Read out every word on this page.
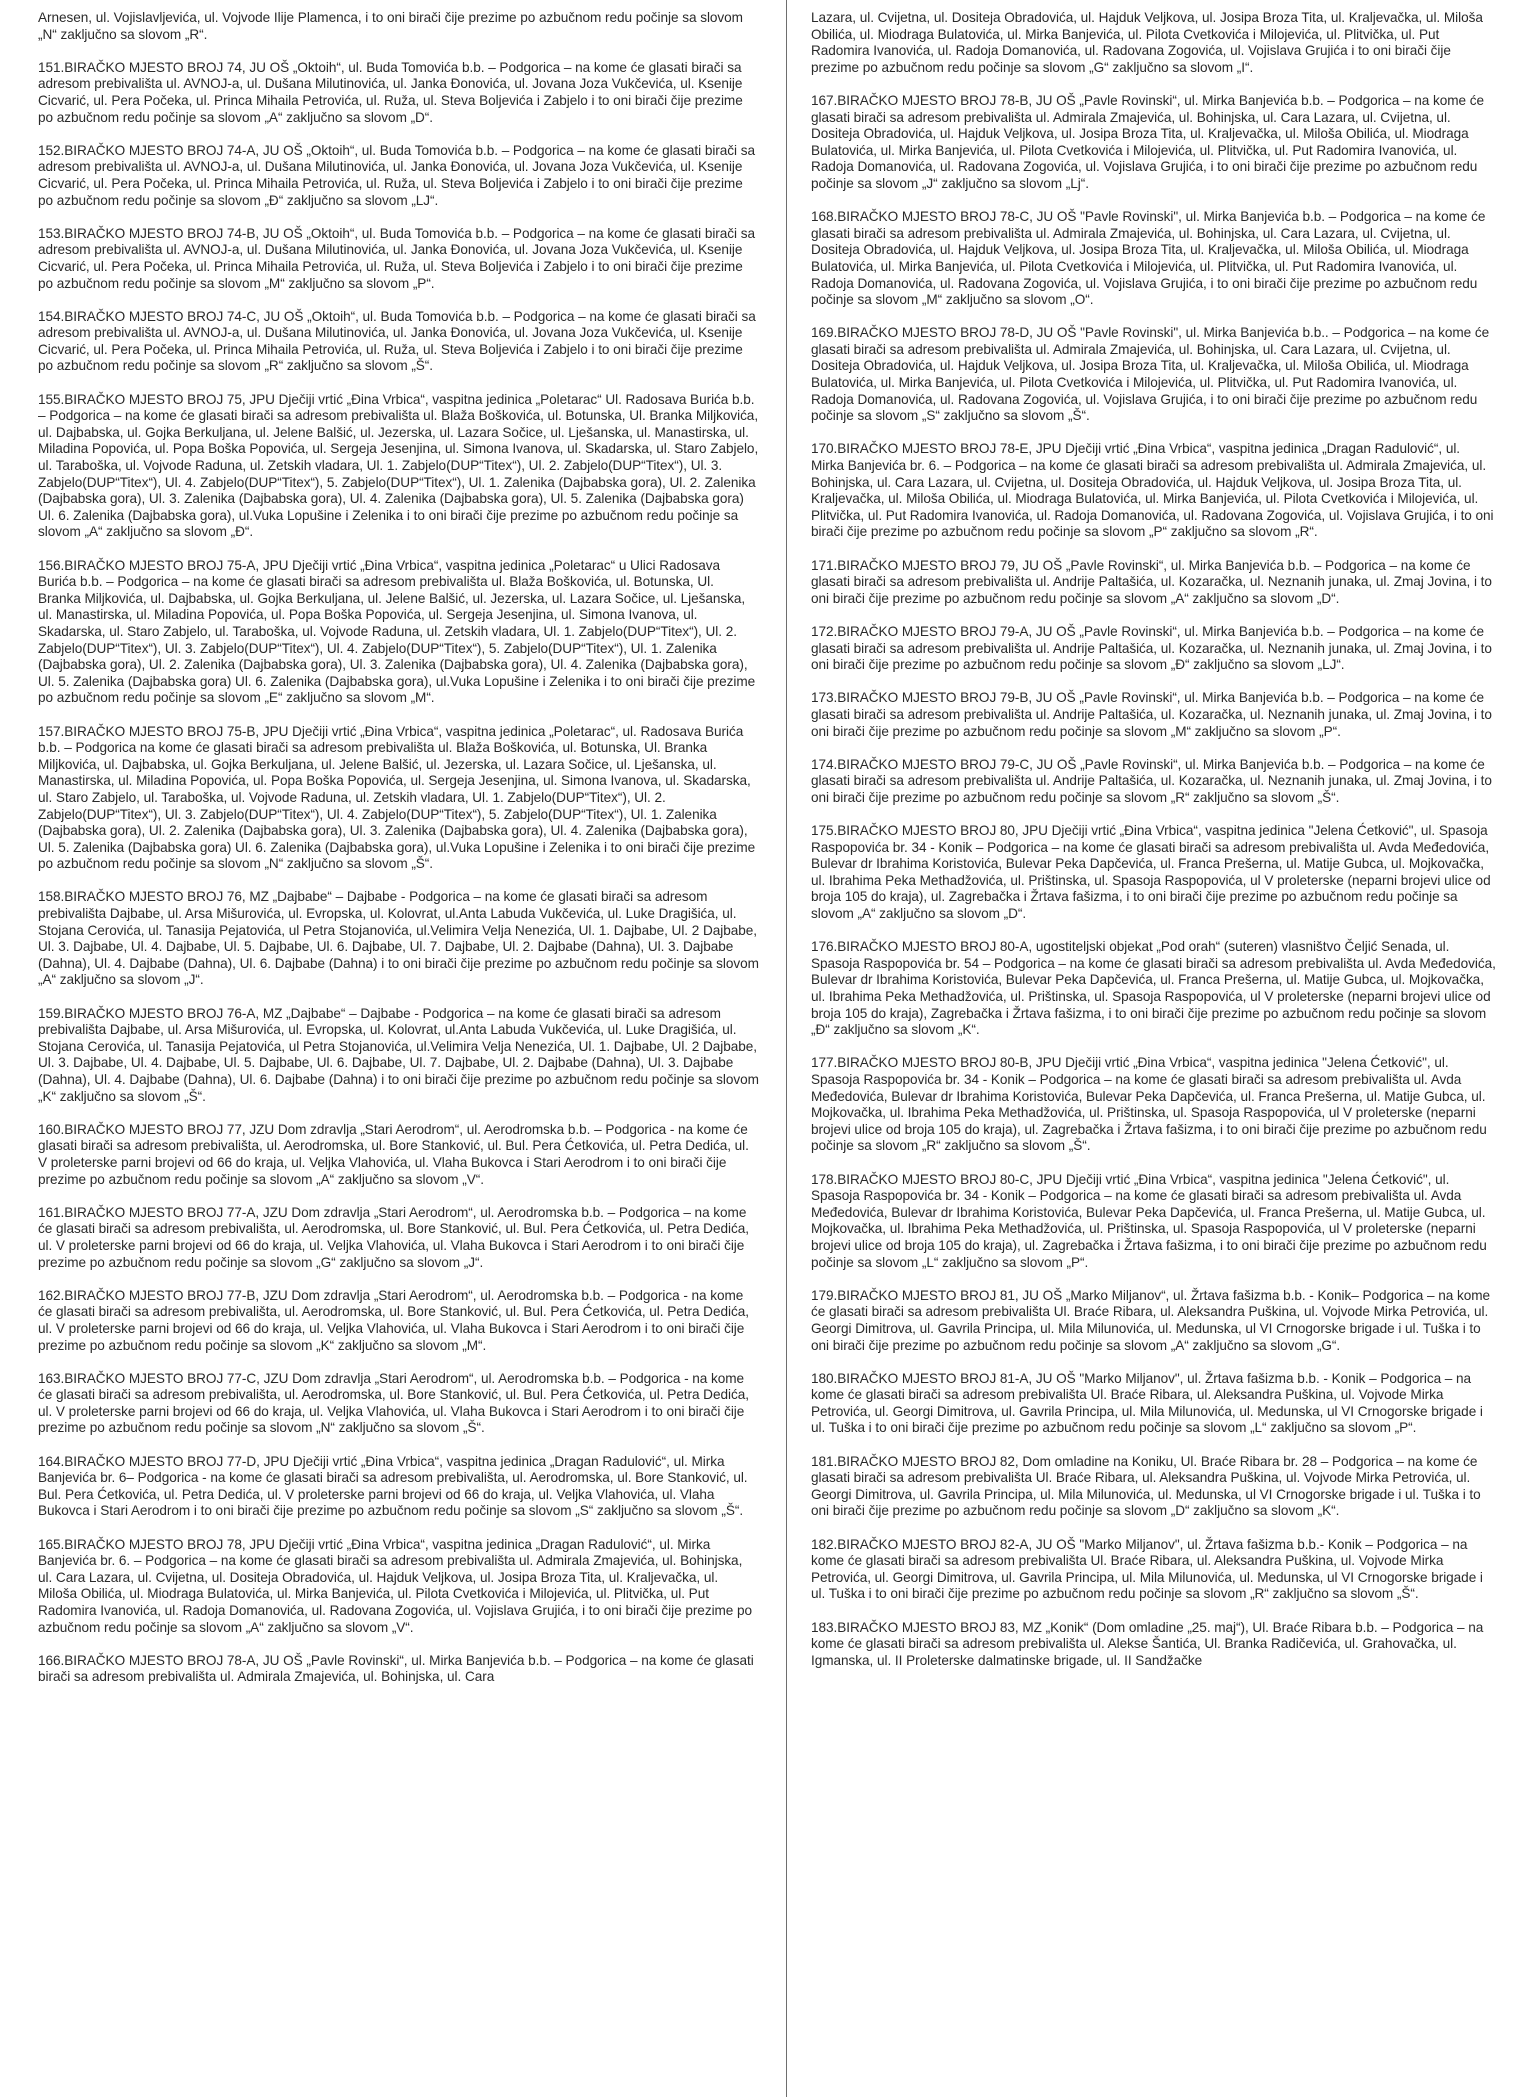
Arnesen, ul. Vojislavljevića, ul. Vojvode Ilije Plamenca, i to oni birači čije prezime po azbučnom redu počinje sa slovom „N“ zaključno sa slovom „R“.

151.BIRAČKO MJESTO BROJ 74, JU OŠ „Oktoih“, ul. Buda Tomovića b.b. – Podgorica – na kome će glasati birači sa adresom prebivališta ul. AVNOJ-a, ul. Dušana Milutinovića, ul. Janka Đonovića, ul. Jovana Joza Vukčevića, ul. Ksenije Cicvarić, ul. Pera Počeka, ul. Princa Mihaila Petrovića, ul. Ruža, ul. Steva Boljevića i Zabjelo i to oni birači čije prezime po azbučnom redu počinje sa slovom „A“ zaključno sa slovom „D“.

152.BIRAČKO MJESTO BROJ 74-A, JU OŠ „Oktoih“, ul. Buda Tomovića b.b. – Podgorica – na kome će glasati birači sa adresom prebivališta ul. AVNOJ-a, ul. Dušana Milutinovića, ul. Janka Đonovića, ul. Jovana Joza Vukčevića, ul. Ksenije Cicvarić, ul. Pera Počeka, ul. Princa Mihaila Petrovića, ul. Ruža, ul. Steva Boljevića i Zabjelo i to oni birači čije prezime po azbučnom redu počinje sa slovom „Đ“ zaključno sa slovom „LJ“.

153.BIRAČKO MJESTO BROJ 74-B, JU OŠ „Oktoih“, ul. Buda Tomovića b.b. – Podgorica – na kome će glasati birači sa adresom prebivališta ul. AVNOJ-a, ul. Dušana Milutinovića, ul. Janka Đonovića, ul. Jovana Joza Vukčevića, ul. Ksenije Cicvarić, ul. Pera Počeka, ul. Princa Mihaila Petrovića, ul. Ruža, ul. Steva Boljevića i Zabjelo i to oni birači čije prezime po azbučnom redu počinje sa slovom „M“ zaključno sa slovom „P“.

154.BIRAČKO MJESTO BROJ 74-C, JU OŠ „Oktoih“, ul. Buda Tomovića b.b. – Podgorica – na kome će glasati birači sa adresom prebivališta ul. AVNOJ-a, ul. Dušana Milutinovića, ul. Janka Đonovića, ul. Jovana Joza Vukčevića, ul. Ksenije Cicvarić, ul. Pera Počeka, ul. Princa Mihaila Petrovića, ul. Ruža, ul. Steva Boljevića i Zabjelo i to oni birači čije prezime po azbučnom redu počinje sa slovom „R“ zaključno sa slovom „Š“.

155.BIRAČKO MJESTO BROJ 75, JPU Dječiji vrtić „Đina Vrbica“, vaspitna jedinica „Poletarac“ Ul. Radosava Burića b.b. – Podgorica – na kome će glasati birači sa adresom prebivališta ul. Blaža Boškovića, ul. Botunska, Ul. Branka Miljkovića, ul. Dajbabska, ul. Gojka Berkuljana, ul. Jelene Balšić, ul. Jezerska, ul. Lazara Sočice, ul. Lješanska, ul. Manastirska, ul. Miladina Popovića, ul. Popa Boška Popovića, ul. Sergeja Jesenjina, ul. Simona Ivanova, ul. Skadarska, ul. Staro Zabjelo, ul. Taraboška, ul. Vojvode Raduna, ul. Zetskih vladara, Ul. 1. Zabjelo(DUP“Titex“), Ul. 2. Zabjelo(DUP“Titex“), Ul. 3. Zabjelo(DUP“Titex“), Ul. 4. Zabjelo(DUP“Titex“), 5. Zabjelo(DUP“Titex“), Ul. 1. Zalenika (Dajbabska gora), Ul. 2. Zalenika (Dajbabska gora), Ul. 3. Zalenika (Dajbabska gora), Ul. 4. Zalenika (Dajbabska gora), Ul. 5. Zalenika (Dajbabska gora) Ul. 6. Zalenika (Dajbabska gora), ul.Vuka Lopušine i Zelenika i to oni birači čije prezime po azbučnom redu počinje sa slovom „A“ zaključno sa slovom „Đ“.

156.BIRAČKO MJESTO BROJ 75-A, JPU Dječiji vrtić „Đina Vrbica“, vaspitna jedinica „Poletarac“ u Ulici Radosava Burića b.b. – Podgorica – na kome će glasati birači sa adresom prebivališta ul. Blaža Boškovića, ul. Botunska, Ul. Branka Miljkovića, ul. Dajbabska, ul. Gojka Berkuljana, ul. Jelene Balšić, ul. Jezerska, ul. Lazara Sočice, ul. Lješanska, ul. Manastirska, ul. Miladina Popovića, ul. Popa Boška Popovića, ul. Sergeja Jesenjina, ul. Simona Ivanova, ul. Skadarska, ul. Staro Zabjelo, ul. Taraboška, ul. Vojvode Raduna, ul. Zetskih vladara, Ul. 1. Zabjelo(DUP“Titex“), Ul. 2. Zabjelo(DUP“Titex“), Ul. 3. Zabjelo(DUP“Titex“), Ul. 4. Zabjelo(DUP“Titex“), 5. Zabjelo(DUP“Titex“), Ul. 1. Zalenika (Dajbabska gora), Ul. 2. Zalenika (Dajbabska gora), Ul. 3. Zalenika (Dajbabska gora), Ul. 4. Zalenika (Dajbabska gora), Ul. 5. Zalenika (Dajbabska gora) Ul. 6. Zalenika (Dajbabska gora), ul.Vuka Lopušine i Zelenika i to oni birači čije prezime po azbučnom redu počinje sa slovom „E“ zaključno sa slovom „M“.

157.BIRAČKO MJESTO BROJ 75-B, JPU Dječiji vrtić „Đina Vrbica“, vaspitna jedinica „Poletarac“, ul. Radosava Burića b.b. – Podgorica na kome će glasati birači sa adresom prebivališta ul. Blaža Boškovića, ul. Botunska, Ul. Branka Miljkovića, ul. Dajbabska, ul. Gojka Berkuljana, ul. Jelene Balšić, ul. Jezerska, ul. Lazara Sočice, ul. Lješanska, ul. Manastirska, ul. Miladina Popovića, ul. Popa Boška Popovića, ul. Sergeja Jesenjina, ul. Simona Ivanova, ul. Skadarska, ul. Staro Zabjelo, ul. Taraboška, ul. Vojvode Raduna, ul. Zetskih vladara, Ul. 1. Zabjelo(DUP“Titex“), Ul. 2. Zabjelo(DUP“Titex“), Ul. 3. Zabjelo(DUP“Titex“), Ul. 4. Zabjelo(DUP“Titex“), 5. Zabjelo(DUP“Titex“), Ul. 1. Zalenika (Dajbabska gora), Ul. 2. Zalenika (Dajbabska gora), Ul. 3. Zalenika (Dajbabska gora), Ul. 4. Zalenika (Dajbabska gora), Ul. 5. Zalenika (Dajbabska gora) Ul. 6. Zalenika (Dajbabska gora), ul.Vuka Lopušine i Zelenika i to oni birači čije prezime po azbučnom redu počinje sa slovom „N“ zaključno sa slovom „Š“.

158.BIRAČKO MJESTO BROJ 76, MZ „Dajbabe“ – Dajbabe - Podgorica – na kome će glasati birači sa adresom prebivališta Dajbabe, ul. Arsa Mišurovića, ul. Evropska, ul. Kolovrat, ul.Anta Labuda Vukčevića, ul. Luke Dragišića, ul. Stojana Cerovića, ul. Tanasija Pejatovića, ul Petra Stojanovića, ul.Velimira Velja Nenezića, Ul. 1. Dajbabe, Ul. 2 Dajbabe, Ul. 3. Dajbabe, Ul. 4. Dajbabe, Ul. 5. Dajbabe, Ul. 6. Dajbabe, Ul. 7. Dajbabe, Ul. 2. Dajbabe (Dahna), Ul. 3. Dajbabe (Dahna), Ul. 4. Dajbabe (Dahna), Ul. 6. Dajbabe (Dahna) i to oni birači čije prezime po azbučnom redu počinje sa slovom „A“ zaključno sa slovom „J“.

159.BIRAČKO MJESTO BROJ 76-A, MZ „Dajbabe“ – Dajbabe - Podgorica – na kome će glasati birači sa adresom prebivališta Dajbabe, ul. Arsa Mišurovića, ul. Evropska, ul. Kolovrat, ul.Anta Labuda Vukčevića, ul. Luke Dragišića, ul. Stojana Cerovića, ul. Tanasija Pejatovića, ul Petra Stojanovića, ul.Velimira Velja Nenezića, Ul. 1. Dajbabe, Ul. 2 Dajbabe, Ul. 3. Dajbabe, Ul. 4. Dajbabe, Ul. 5. Dajbabe, Ul. 6. Dajbabe, Ul. 7. Dajbabe, Ul. 2. Dajbabe (Dahna), Ul. 3. Dajbabe (Dahna), Ul. 4. Dajbabe (Dahna), Ul. 6. Dajbabe (Dahna) i to oni birači čije prezime po azbučnom redu počinje sa slovom „K“ zaključno sa slovom „Š“.

160.BIRAČKO MJESTO BROJ 77, JZU Dom zdravlja „Stari Aerodrom“, ul. Aerodromska b.b. – Podgorica - na kome će glasati birači sa adresom prebivališta, ul. Aerodromska, ul. Bore Stanković, ul. Bul. Pera Ćetkovića, ul. Petra Dedića, ul. V proleterske parni brojevi od 66 do kraja, ul. Veljka Vlahovića, ul. Vlaha Bukovca i Stari Aerodrom i to oni birači čije prezime po azbučnom redu počinje sa slovom „A“ zaključno sa slovom „V“.

161.BIRAČKO MJESTO BROJ 77-A, JZU Dom zdravlja „Stari Aerodrom“, ul. Aerodromska b.b. – Podgorica – na kome će glasati birači sa adresom prebivališta, ul. Aerodromska, ul. Bore Stanković, ul. Bul. Pera Ćetkovića, ul. Petra Dedića, ul. V proleterske parni brojevi od 66 do kraja, ul. Veljka Vlahovića, ul. Vlaha Bukovca i Stari Aerodrom i to oni birači čije prezime po azbučnom redu počinje sa slovom „G“ zaključno sa slovom „J“.

162.BIRAČKO MJESTO BROJ 77-B, JZU Dom zdravlja „Stari Aerodrom“, ul. Aerodromska b.b. – Podgorica - na kome će glasati birači sa adresom prebivališta, ul. Aerodromska, ul. Bore Stanković, ul. Bul. Pera Ćetkovića, ul. Petra Dedića, ul. V proleterske parni brojevi od 66 do kraja, ul. Veljka Vlahovića, ul. Vlaha Bukovca i Stari Aerodrom i to oni birači čije prezime po azbučnom redu počinje sa slovom „K“ zaključno sa slovom „M“.

163.BIRAČKO MJESTO BROJ 77-C, JZU Dom zdravlja „Stari Aerodrom“, ul. Aerodromska b.b. – Podgorica - na kome će glasati birači sa adresom prebivališta, ul. Aerodromska, ul. Bore Stanković, ul. Bul. Pera Ćetkovića, ul. Petra Dedića, ul. V proleterske parni brojevi od 66 do kraja, ul. Veljka Vlahovića, ul. Vlaha Bukovca i Stari Aerodrom i to oni birači čije prezime po azbučnom redu počinje sa slovom „N“ zaključno sa slovom „Š“.

164.BIRAČKO MJESTO BROJ 77-D, JPU Dječiji vrtić „Đina Vrbica“, vaspitna jedinica „Dragan Radulović“, ul. Mirka Banjevića br. 6– Podgorica - na kome će glasati birači sa adresom prebivališta, ul. Aerodromska, ul. Bore Stanković, ul. Bul. Pera Ćetkovića, ul. Petra Dedića, ul. V proleterske parni brojevi od 66 do kraja, ul. Veljka Vlahovića, ul. Vlaha Bukovca i Stari Aerodrom i to oni birači čije prezime po azbučnom redu počinje sa slovom „S“ zaključno sa slovom „Š“.

165.BIRAČKO MJESTO BROJ 78, JPU Dječiji vrtić „Đina Vrbica“, vaspitna jedinica „Dragan Radulović“, ul. Mirka Banjevića br. 6. – Podgorica – na kome će glasati birači sa adresom prebivališta ul. Admirala Zmajevića, ul. Bohinjska, ul. Cara Lazara, ul. Cvijetna, ul. Dositeja Obradovića, ul. Hajduk Veljkova, ul. Josipa Broza Tita, ul. Kraljevačka, ul. Miloša Obilića, ul. Miodraga Bulatovića, ul. Mirka Banjevića, ul. Pilota Cvetkovića i Milojevića, ul. Plitvička, ul. Put Radomira Ivanovića, ul. Radoja Domanovića, ul. Radovana Zogovića, ul. Vojislava Grujića, i to oni birači čije prezime po azbučnom redu počinje sa slovom „A“ zaključno sa slovom „V“.

166.BIRAČKO MJESTO BROJ 78-A, JU OŠ „Pavle Rovinski“, ul. Mirka Banjevića b.b. – Podgorica – na kome će glasati birači sa adresom prebivališta ul. Admirala Zmajevića, ul. Bohinjska, ul. Cara

Lazara, ul. Cvijetna, ul. Dositeja Obradovića, ul. Hajduk Veljkova, ul. Josipa Broza Tita, ul. Kraljevačka, ul. Miloša Obilića, ul. Miodraga Bulatovića, ul. Mirka Banjevića, ul. Pilota Cvetkovića i Milojevića, ul. Plitvička, ul. Put Radomira Ivanovića, ul. Radoja Domanovića, ul. Radovana Zogovića, ul. Vojislava Grujića i to oni birači čije prezime po azbučnom redu počinje sa slovom „G“ zaključno sa slovom „I“.

167.BIRAČKO MJESTO BROJ 78-B, JU OŠ „Pavle Rovinski“, ul. Mirka Banjevića b.b. – Podgorica – na kome će glasati birači sa adresom prebivališta ul. Admirala Zmajevića, ul. Bohinjska, ul. Cara Lazara, ul. Cvijetna, ul. Dositeja Obradovića, ul. Hajduk Veljkova, ul. Josipa Broza Tita, ul. Kraljevačka, ul. Miloša Obilića, ul. Miodraga Bulatovića, ul. Mirka Banjevića, ul. Pilota Cvetkovića i Milojevića, ul. Plitvička, ul. Put Radomira Ivanovića, ul. Radoja Domanovića, ul. Radovana Zogovića, ul. Vojislava Grujića, i to oni birači čije prezime po azbučnom redu počinje sa slovom „J“ zaključno sa slovom „Lj“.

168.BIRAČKO MJESTO BROJ 78-C, JU OŠ "Pavle Rovinski", ul. Mirka Banjevića b.b. – Podgorica – na kome će glasati birači sa adresom prebivališta ul. Admirala Zmajevića, ul. Bohinjska, ul. Cara Lazara, ul. Cvijetna, ul. Dositeja Obradovića, ul. Hajduk Veljkova, ul. Josipa Broza Tita, ul. Kraljevačka, ul. Miloša Obilića, ul. Miodraga Bulatovića, ul. Mirka Banjevića, ul. Pilota Cvetkovića i Milojevića, ul. Plitvička, ul. Put Radomira Ivanovića, ul. Radoja Domanovića, ul. Radovana Zogovića, ul. Vojislava Grujića, i to oni birači čije prezime po azbučnom redu počinje sa slovom „M“ zaključno sa slovom „O“.

169.BIRAČKO MJESTO BROJ 78-D, JU OŠ "Pavle Rovinski", ul. Mirka Banjevića b.b.. – Podgorica – na kome će glasati birači sa adresom prebivališta ul. Admirala Zmajevića, ul. Bohinjska, ul. Cara Lazara, ul. Cvijetna, ul. Dositeja Obradovića, ul. Hajduk Veljkova, ul. Josipa Broza Tita, ul. Kraljevačka, ul. Miloša Obilića, ul. Miodraga Bulatovića, ul. Mirka Banjevića, ul. Pilota Cvetkovića i Milojevića, ul. Plitvička, ul. Put Radomira Ivanovića, ul. Radoja Domanovića, ul. Radovana Zogovića, ul. Vojislava Grujića, i to oni birači čije prezime po azbučnom redu počinje sa slovom „S“ zaključno sa slovom „Š“.

170.BIRAČKO MJESTO BROJ 78-E, JPU Dječiji vrtić „Đina Vrbica“, vaspitna jedinica „Dragan Radulović“, ul. Mirka Banjevića br. 6. – Podgorica – na kome će glasati birači sa adresom prebivališta ul. Admirala Zmajevića, ul. Bohinjska, ul. Cara Lazara, ul. Cvijetna, ul. Dositeja Obradovića, ul. Hajduk Veljkova, ul. Josipa Broza Tita, ul. Kraljevačka, ul. Miloša Obilića, ul. Miodraga Bulatovića, ul. Mirka Banjevića, ul. Pilota Cvetkovića i Milojevića, ul. Plitvička, ul. Put Radomira Ivanovića, ul. Radoja Domanovića, ul. Radovana Zogovića, ul. Vojislava Grujića, i to oni birači čije prezime po azbučnom redu počinje sa slovom „P“ zaključno sa slovom „R“.

171.BIRAČKO MJESTO BROJ 79, JU OŠ „Pavle Rovinski“, ul. Mirka Banjevića b.b. – Podgorica – na kome će glasati birači sa adresom prebivališta ul. Andrije Paltašića, ul. Kozaračka, ul. Neznanih junaka, ul. Zmaj Jovina, i to oni birači čije prezime po azbučnom redu počinje sa slovom „A“ zaključno sa slovom „D“.

172.BIRAČKO MJESTO BROJ 79-A, JU OŠ „Pavle Rovinski“, ul. Mirka Banjevića b.b. – Podgorica – na kome će glasati birači sa adresom prebivališta ul. Andrije Paltašića, ul. Kozaračka, ul. Neznanih junaka, ul. Zmaj Jovina, i to oni birači čije prezime po azbučnom redu počinje sa slovom „Đ“ zaključno sa slovom „LJ“.

173.BIRAČKO MJESTO BROJ 79-B, JU OŠ „Pavle Rovinski“, ul. Mirka Banjevića b.b. – Podgorica – na kome će glasati birači sa adresom prebivališta ul. Andrije Paltašića, ul. Kozaračka, ul. Neznanih junaka, ul. Zmaj Jovina, i to oni birači čije prezime po azbučnom redu počinje sa slovom „M“ zaključno sa slovom „P“.

174.BIRAČKO MJESTO BROJ 79-C, JU OŠ „Pavle Rovinski“, ul. Mirka Banjevića b.b. – Podgorica – na kome će glasati birači sa adresom prebivališta ul. Andrije Paltašića, ul. Kozaračka, ul. Neznanih junaka, ul. Zmaj Jovina, i to oni birači čije prezime po azbučnom redu počinje sa slovom „R“ zaključno sa slovom „Š“.

175.BIRAČKO MJESTO BROJ 80, JPU Dječiji vrtić „Đina Vrbica“, vaspitna jedinica "Jelena Ćetković", ul. Spasoja Raspopovića br. 34 - Konik – Podgorica – na kome će glasati birači sa adresom prebivališta ul. Avda Međedovića, Bulevar dr Ibrahima Koristovića, Bulevar Peka Dapčevića, ul. Franca Prešerna, ul. Matije Gubca, ul. Mojkovačka, ul. Ibrahima Peka Methadžovića, ul. Prištinska, ul. Spasoja Raspopovića, ul V proleterske (neparni brojevi ulice od broja 105 do kraja), ul. Zagrebačka i Žrtava fašizma, i to oni birači čije prezime po azbučnom redu počinje sa slovom „A“ zaključno sa slovom „D“.

176.BIRAČKO MJESTO BROJ 80-A, ugostiteljski objekat „Pod orah“ (suteren) vlasništvo Čeljić Senada, ul. Spasoja Raspopovića br. 54 – Podgorica – na kome će glasati birači sa adresom prebivališta ul. Avda Međedovića, Bulevar dr Ibrahima Koristovića, Bulevar Peka Dapčevića, ul. Franca Prešerna, ul. Matije Gubca, ul. Mojkovačka, ul. Ibrahima Peka Methadžovića, ul. Prištinska, ul. Spasoja Raspopovića, ul V proleterske (neparni brojevi ulice od broja 105 do kraja), Zagrebačka i Žrtava fašizma, i to oni birači čije prezime po azbučnom redu počinje sa slovom „Đ“ zaključno sa slovom „K“.

177.BIRAČKO MJESTO BROJ 80-B, JPU Dječiji vrtić „Đina Vrbica“, vaspitna jedinica "Jelena Ćetković", ul. Spasoja Raspopovića br. 34 - Konik – Podgorica – na kome će glasati birači sa adresom prebivališta ul. Avda Međedovića, Bulevar dr Ibrahima Koristovića, Bulevar Peka Dapčevića, ul. Franca Prešerna, ul. Matije Gubca, ul. Mojkovačka, ul. Ibrahima Peka Methadžovića, ul. Prištinska, ul. Spasoja Raspopovića, ul V proleterske (neparni brojevi ulice od broja 105 do kraja), ul. Zagrebačka i Žrtava fašizma, i to oni birači čije prezime po azbučnom redu počinje sa slovom „R“ zaključno sa slovom „Š“.

178.BIRAČKO MJESTO BROJ 80-C, JPU Dječiji vrtić „Đina Vrbica“, vaspitna jedinica "Jelena Ćetković", ul. Spasoja Raspopovića br. 34 - Konik – Podgorica – na kome će glasati birači sa adresom prebivališta ul. Avda Međedovića, Bulevar dr Ibrahima Koristovića, Bulevar Peka Dapčevića, ul. Franca Prešerna, ul. Matije Gubca, ul. Mojkovačka, ul. Ibrahima Peka Methadžovića, ul. Prištinska, ul. Spasoja Raspopovića, ul V proleterske (neparni brojevi ulice od broja 105 do kraja), ul. Zagrebačka i Žrtava fašizma, i to oni birači čije prezime po azbučnom redu počinje sa slovom „L“ zaključno sa slovom „P“.

179.BIRAČKO MJESTO BROJ 81, JU OŠ „Marko Miljanov“, ul. Žrtava fašizma b.b. - Konik– Podgorica – na kome će glasati birači sa adresom prebivališta Ul. Braće Ribara, ul. Aleksandra Puškina, ul. Vojvode Mirka Petrovića, ul. Georgi Dimitrova, ul. Gavrila Principa, ul. Mila Milunovića, ul. Medunska, ul VI Crnogorske brigade i ul. Tuška i to oni birači čije prezime po azbučnom redu počinje sa slovom „A“ zaključno sa slovom „G“.

180.BIRAČKO MJESTO BROJ 81-A, JU OŠ "Marko Miljanov", ul. Žrtava fašizma b.b. - Konik – Podgorica – na kome će glasati birači sa adresom prebivališta Ul. Braće Ribara, ul. Aleksandra Puškina, ul. Vojvode Mirka Petrovića, ul. Georgi Dimitrova, ul. Gavrila Principa, ul. Mila Milunovića, ul. Medunska, ul VI Crnogorske brigade i ul. Tuška i to oni birači čije prezime po azbučnom redu počinje sa slovom „L“ zaključno sa slovom „P“.

181.BIRAČKO MJESTO BROJ 82, Dom omladine na Koniku, Ul. Braće Ribara br. 28 – Podgorica – na kome će glasati birači sa adresom prebivališta Ul. Braće Ribara, ul. Aleksandra Puškina, ul. Vojvode Mirka Petrovića, ul. Georgi Dimitrova, ul. Gavrila Principa, ul. Mila Milunovića, ul. Medunska, ul VI Crnogorske brigade i ul. Tuška i to oni birači čije prezime po azbučnom redu počinje sa slovom „D“ zaključno sa slovom „K“.

182.BIRAČKO MJESTO BROJ 82-A, JU OŠ "Marko Miljanov", ul. Žrtava fašizma b.b.- Konik – Podgorica – na kome će glasati birači sa adresom prebivališta Ul. Braće Ribara, ul. Aleksandra Puškina, ul. Vojvode Mirka Petrovića, ul. Georgi Dimitrova, ul. Gavrila Principa, ul. Mila Milunovića, ul. Medunska, ul VI Crnogorske brigade i ul. Tuška i to oni birači čije prezime po azbučnom redu počinje sa slovom „R“ zaključno sa slovom „Š“.

183.BIRAČKO MJESTO BROJ 83, MZ „Konik“ (Dom omladine „25. maj“), Ul. Braće Ribara b.b. – Podgorica – na kome će glasati birači sa adresom prebivališta ul. Alekse Šantića, Ul. Branka Radičevića, ul. Grahovačka, ul. Igmanska, ul. II Proleterske dalmatinske brigade, ul. II Sandžačke
